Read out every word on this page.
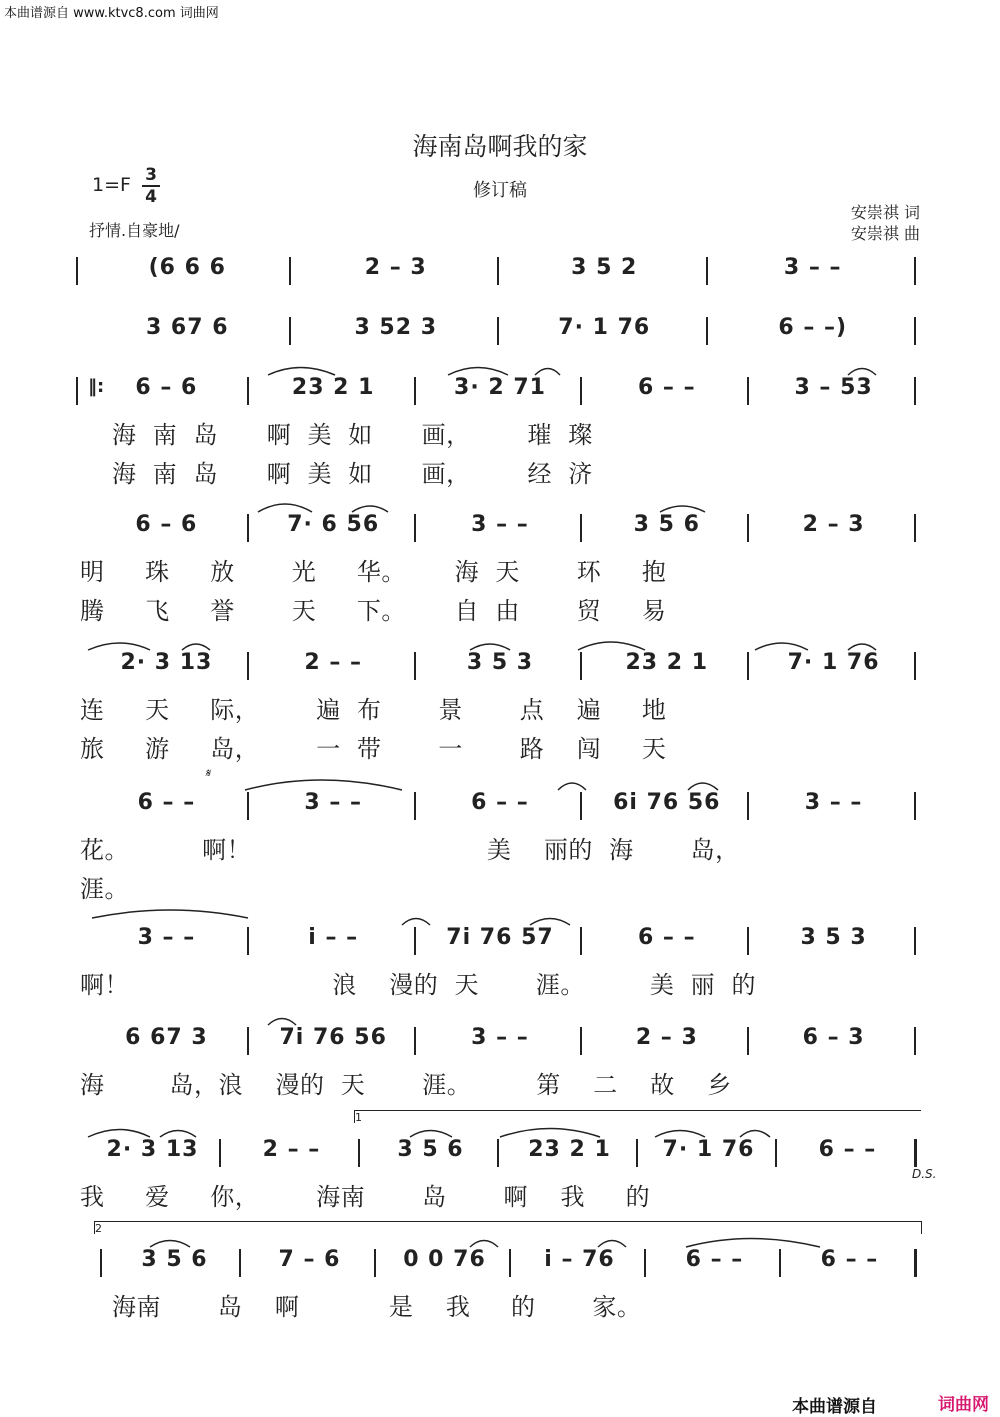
本曲谱源自 www.ktvc8.com 词曲网
海南岛啊我的家
修订稿
1=F 3
4
抒情.自豪地/
安崇祺 词
安崇祺 曲
(6 6 6	2 – 3	3 5 2	3 – –
3 67 6	3 52 3	7· 1 76	6 – –)
6 – 6	23 2 1	3· 2 71	6 – –	3 – 53
海  南  岛      啊  美  如      画，       璀  璨
海  南  岛      啊  美  如      画，       经  济
6 – 6	7· 6 56	3 – –	3 5 6	2 – 3
明     珠     放       光     华。      海  天       环     抱
腾     飞     誉       天     下。      自  由       贸     易
2· 3 13	2 – –	3 5 3	23 2 1	7· 1 76
连     天     际，       遍  布       景       点    遍     地
旅     游     岛，       一  带       一       路    闯     天
6 – –	3 – –	6 – –	6i 76 56	3 – –
花。         啊！                             美    丽的  海       岛，
涯。
3 – –	i – –	7i 76 57	6 – –	3 5 3
啊！                         浪    漫的  天       涯。        美  丽  的
6 67 3	7i 76 56	3 – –	2 – 3	6 – 3
海        岛，浪    漫的  天       涯。        第    二    故    乡
2· 3 13	2 – –	3 5 6	23 2 1	7· 1 76	6 – –
我     爱     你，       海南       岛       啊    我     的
3 5 6	7 – 6	0 0 76	i – 76	6 – –	6 – –
海南       岛    啊           是    我     的       家。
‖:
𝄋
D.S.
1
2
本曲谱源自	词曲网
